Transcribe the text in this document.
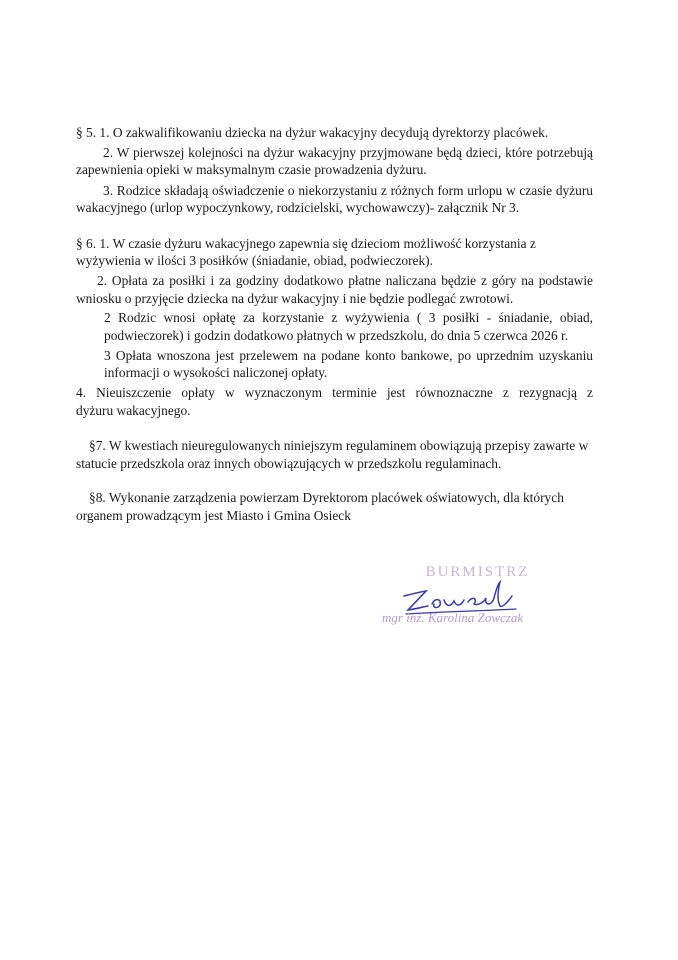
§ 5. 1. O zakwalifikowaniu dziecka na dyżur wakacyjny decydują dyrektorzy placówek.

2. W pierwszej kolejności na dyżur wakacyjny przyjmowane będą dzieci, które potrzebują

zapewnienia opieki w maksymalnym czasie prowadzenia dyżuru.

3. Rodzice składają oświadczenie o niekorzystaniu z różnych form urlopu w czasie dyżuru

wakacyjnego (urlop wypoczynkowy, rodzicielski, wychowawczy)- załącznik Nr 3.

§ 6. 1. W czasie dyżuru wakacyjnego zapewnia się dzieciom możliwość korzystania z

wyżywienia w ilości 3 posiłków (śniadanie, obiad, podwieczorek).

2. Opłata za posiłki i za godziny dodatkowo płatne naliczana będzie z góry na podstawie

wniosku o przyjęcie dziecka na dyżur wakacyjny i nie będzie podlegać zwrotowi.

2 Rodzic wnosi opłatę za korzystanie z wyżywienia ( 3 posiłki - śniadanie, obiad,

podwieczorek) i godzin dodatkowo płatnych w przedszkolu, do dnia 5 czerwca 2026 r.

3 Opłata wnoszona jest przelewem na podane konto bankowe, po uprzednim uzyskaniu

informacji o wysokości naliczonej opłaty.

4. Nieuiszczenie opłaty w wyznaczonym terminie jest równoznaczne z rezygnacją z

dyżuru wakacyjnego.

§7. W kwestiach nieuregulowanych niniejszym regulaminem obowiązują przepisy zawarte w

statucie przedszkola oraz innych obowiązujących w przedszkolu regulaminach.

§8. Wykonanie zarządzenia powierzam Dyrektorom placówek oświatowych, dla których

organem prowadzącym jest Miasto i Gmina Osieck

BURMISTRZ
mgr inż. Karolina Zowczak
